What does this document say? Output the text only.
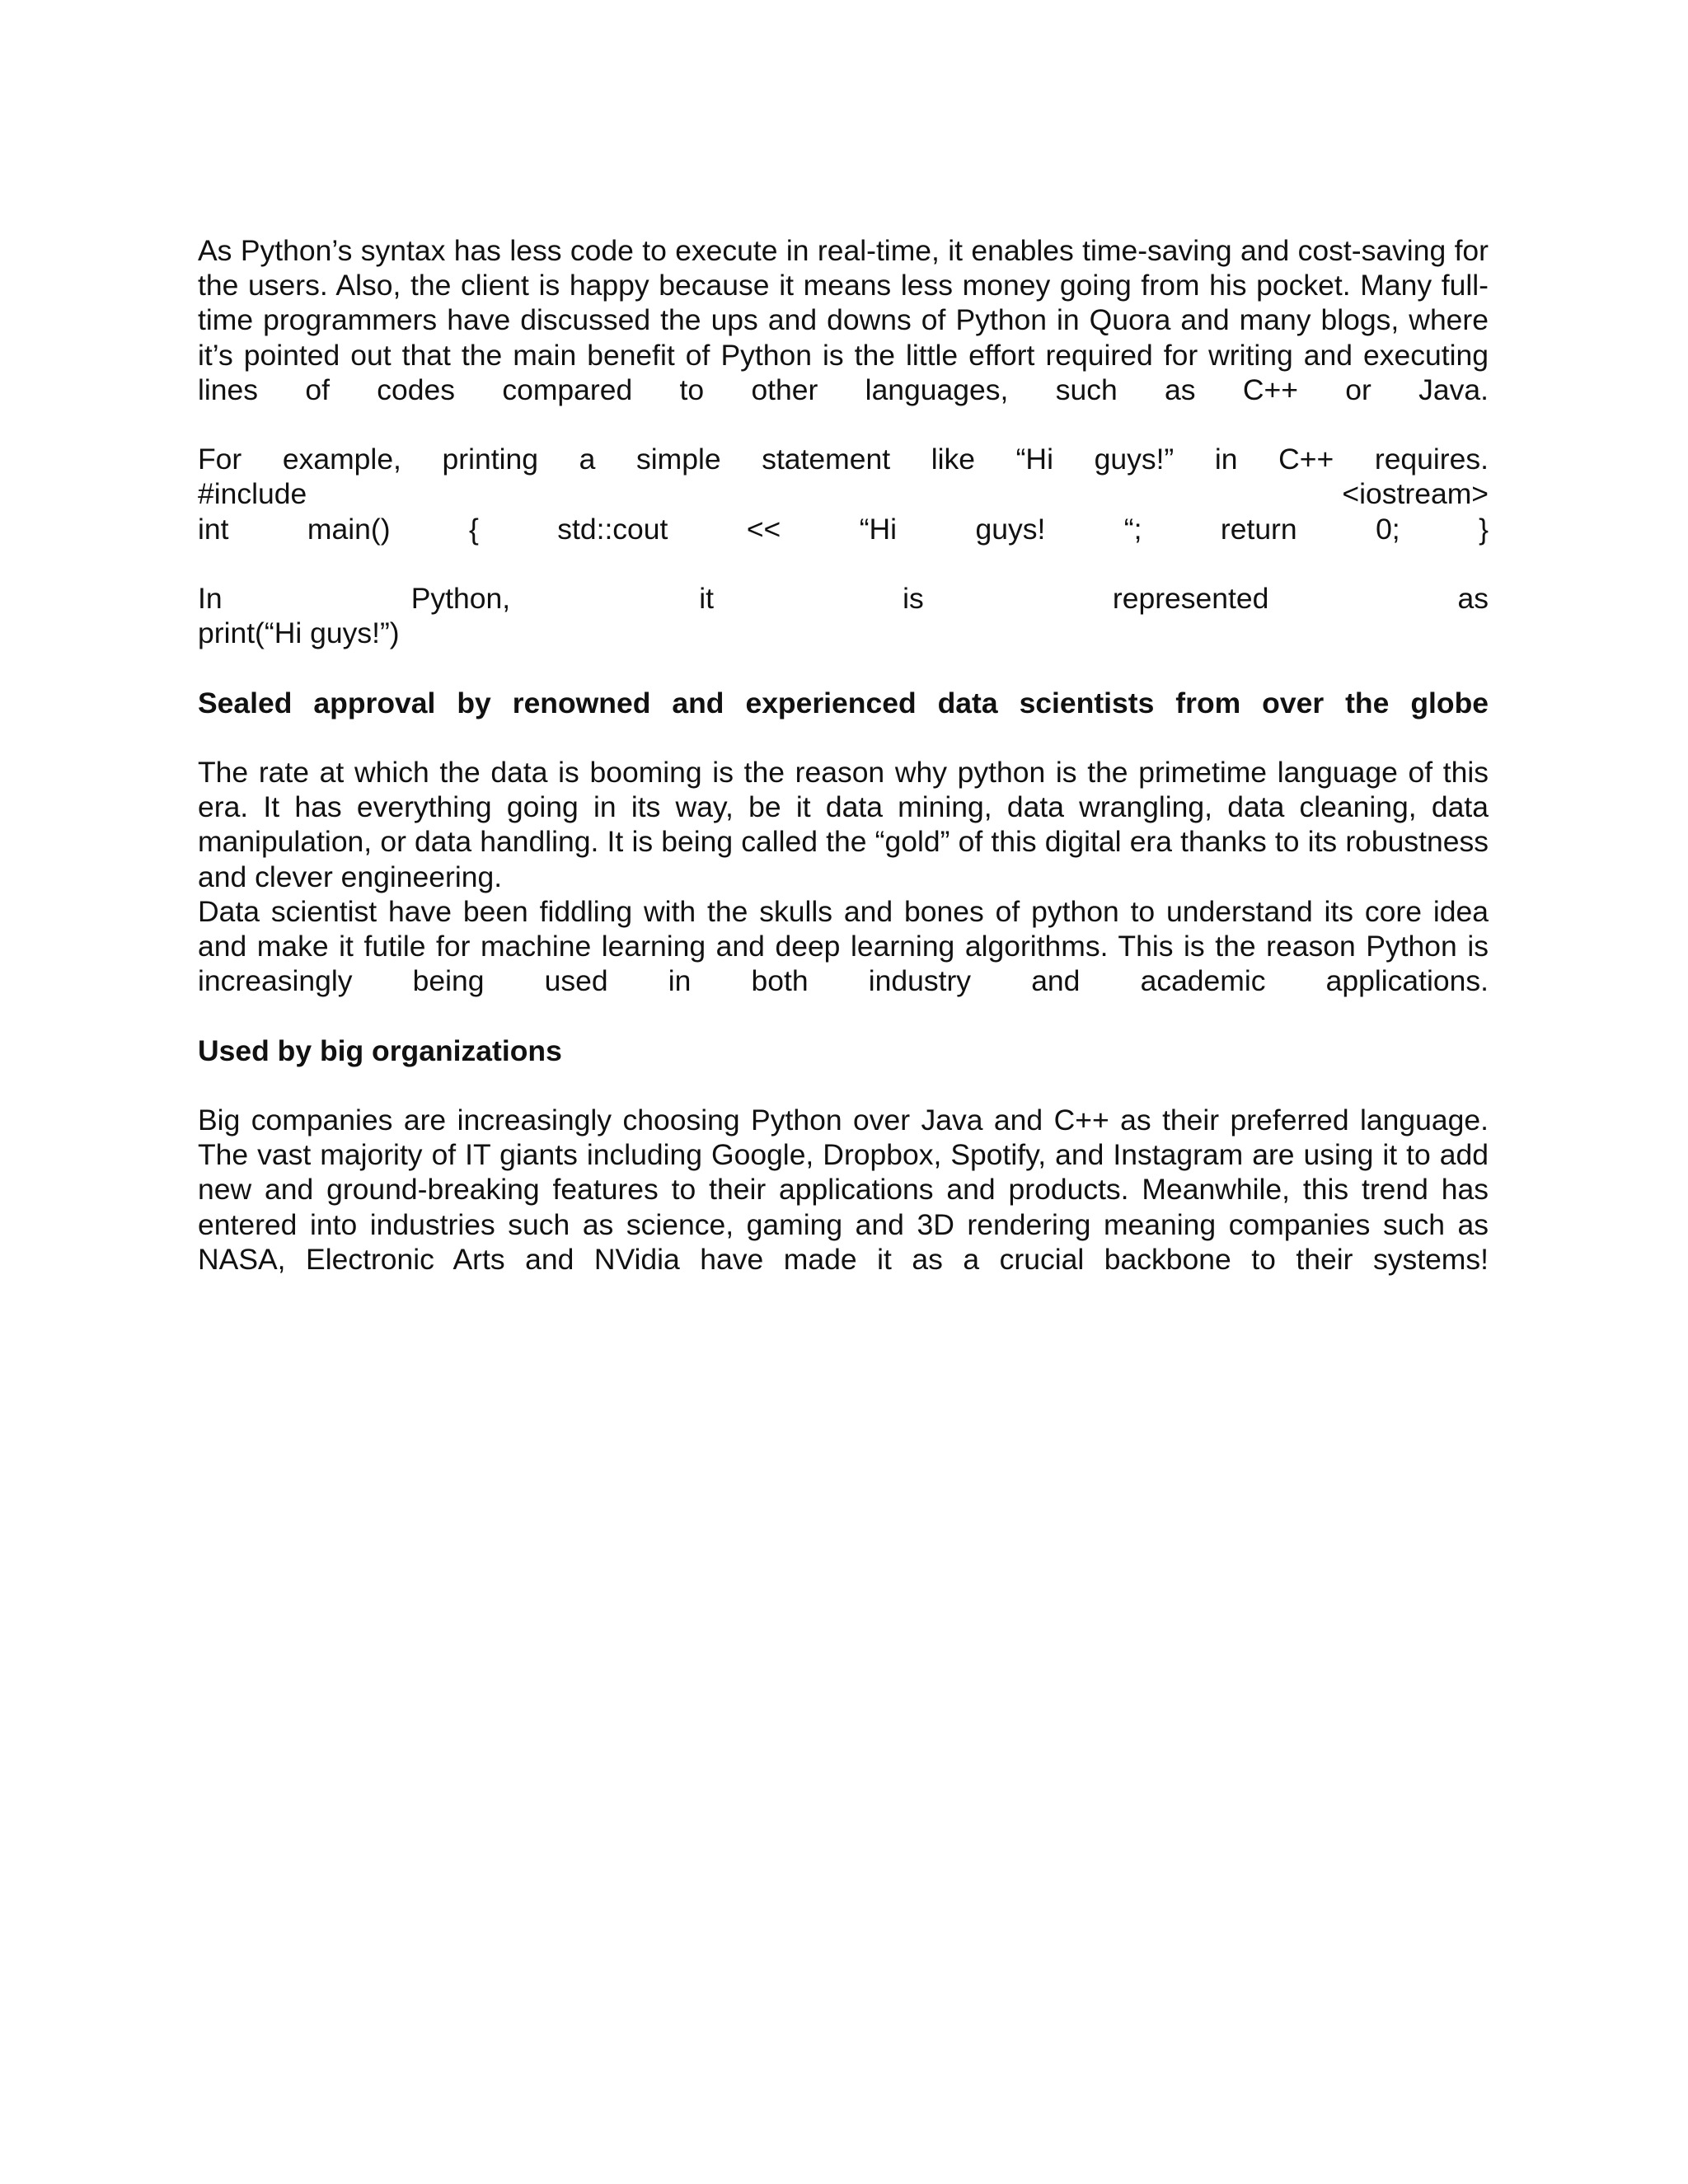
As Python’s syntax has less code to execute in real-time, it enables time-saving and cost-saving for the users. Also, the client is happy because it means less money going from his pocket. Many full-time programmers have discussed the ups and downs of Python in Quora and many blogs, where it’s pointed out that the main benefit of Python is the little effort required for writing and executing lines of codes compared to other languages, such as C++ or Java.

For example, printing a simple statement like “Hi guys!” in C++ requires.

#include	<iostream>
int	main()	{	std::cout	<<	“Hi	guys!	“;	return	0;	}

In Python, it is represented as

print(“Hi guys!”)

Sealed approval by renowned and experienced data scientists from over the globe

The rate at which the data is booming is the reason why python is the primetime language of this era. It has everything going in its way, be it data mining, data wrangling, data cleaning, data manipulation, or data handling. It is being called the “gold” of this digital era thanks to its robustness and clever engineering.

Data scientist have been fiddling with the skulls and bones of python to understand its core idea and make it futile for machine learning and deep learning algorithms. This is the reason Python is increasingly being used in both industry and academic applications.

Used by big organizations

Big companies are increasingly choosing Python over Java and C++ as their preferred language. The vast majority of IT giants including Google, Dropbox, Spotify, and Instagram are using it to add new and ground-breaking features to their applications and products. Meanwhile, this trend has entered into industries such as science, gaming and 3D rendering meaning companies such as NASA, Electronic Arts and NVidia have made it as a crucial backbone to their systems!
